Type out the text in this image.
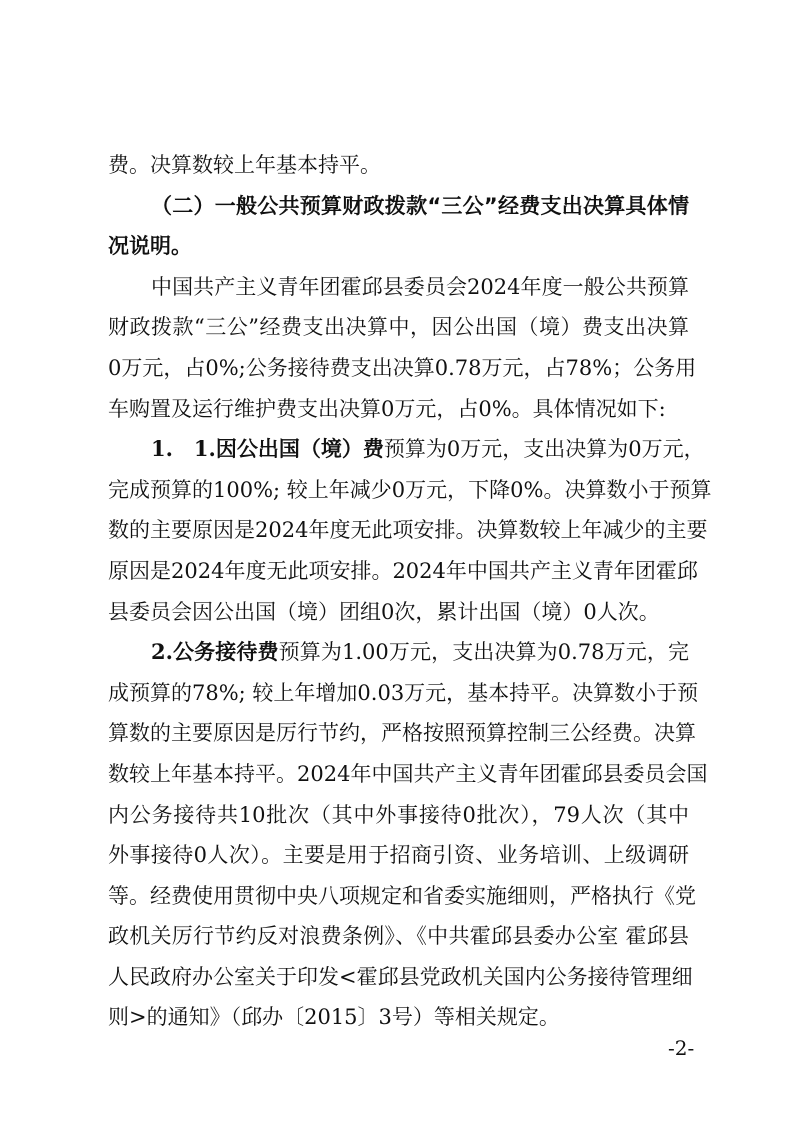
费。决算数较上年基本持平。
（二）一般公共预算财政拨款“三公”经费支出决算具体情
况说明。
中国共产主义青年团霍邱县委员会2024年度一般公共预算
财政拨款“三公”经费支出决算中，因公出国（境）费支出决算
0万元，占0%;公务接待费支出决算0.78万元，占78%；公务用
车购置及运行维护费支出决算0万元，占0%。具体情况如下:
1.　1.因公出国（境）费预算为0万元，支出决算为0万元，
完成预算的100%; 较上年减少0万元，下降0%。决算数小于预算
数的主要原因是2024年度无此项安排。决算数较上年减少的主要
原因是2024年度无此项安排。2024年中国共产主义青年团霍邱
县委员会因公出国（境）团组0次，累计出国（境）0人次。
2.公务接待费预算为1.00万元，支出决算为0.78万元，完
成预算的78%; 较上年增加0.03万元，基本持平。决算数小于预
算数的主要原因是厉行节约，严格按照预算控制三公经费。决算
数较上年基本持平。2024年中国共产主义青年团霍邱县委员会国
内公务接待共10批次（其中外事接待0批次），79人次（其中
外事接待0人次）。主要是用于招商引资、业务培训、上级调研
等。经费使用贯彻中央八项规定和省委实施细则，严格执行《党
政机关厉行节约反对浪费条例》、《中共霍邱县委办公室 霍邱县
人民政府办公室关于印发<霍邱县党政机关国内公务接待管理细
则>的通知》（邱办〔2015〕3号）等相关规定。
-2-
